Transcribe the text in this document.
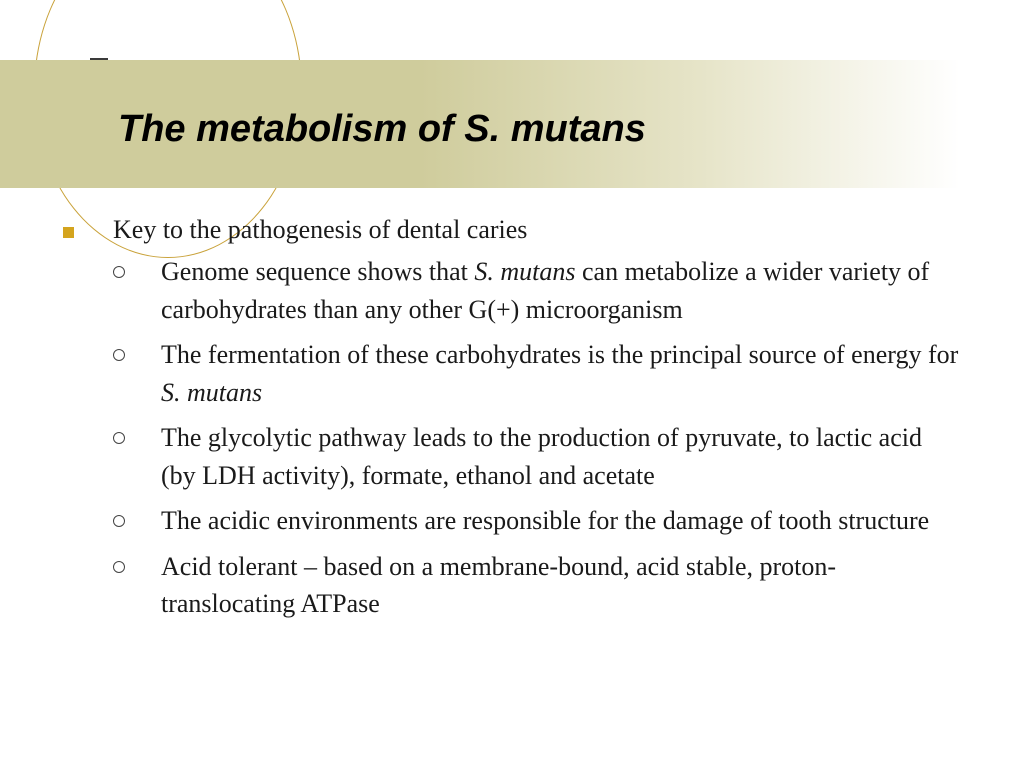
The metabolism of S. mutans
Key to the pathogenesis of dental caries
Genome sequence shows that S. mutans can metabolize a wider variety of carbohydrates than any other G(+) microorganism
The fermentation of these carbohydrates is the principal source of energy for S. mutans
The glycolytic pathway leads to the production of pyruvate, to lactic acid (by LDH activity), formate, ethanol and acetate
The acidic environments are responsible for the damage of tooth structure
Acid tolerant – based on a membrane-bound, acid stable, proton-translocating ATPase
